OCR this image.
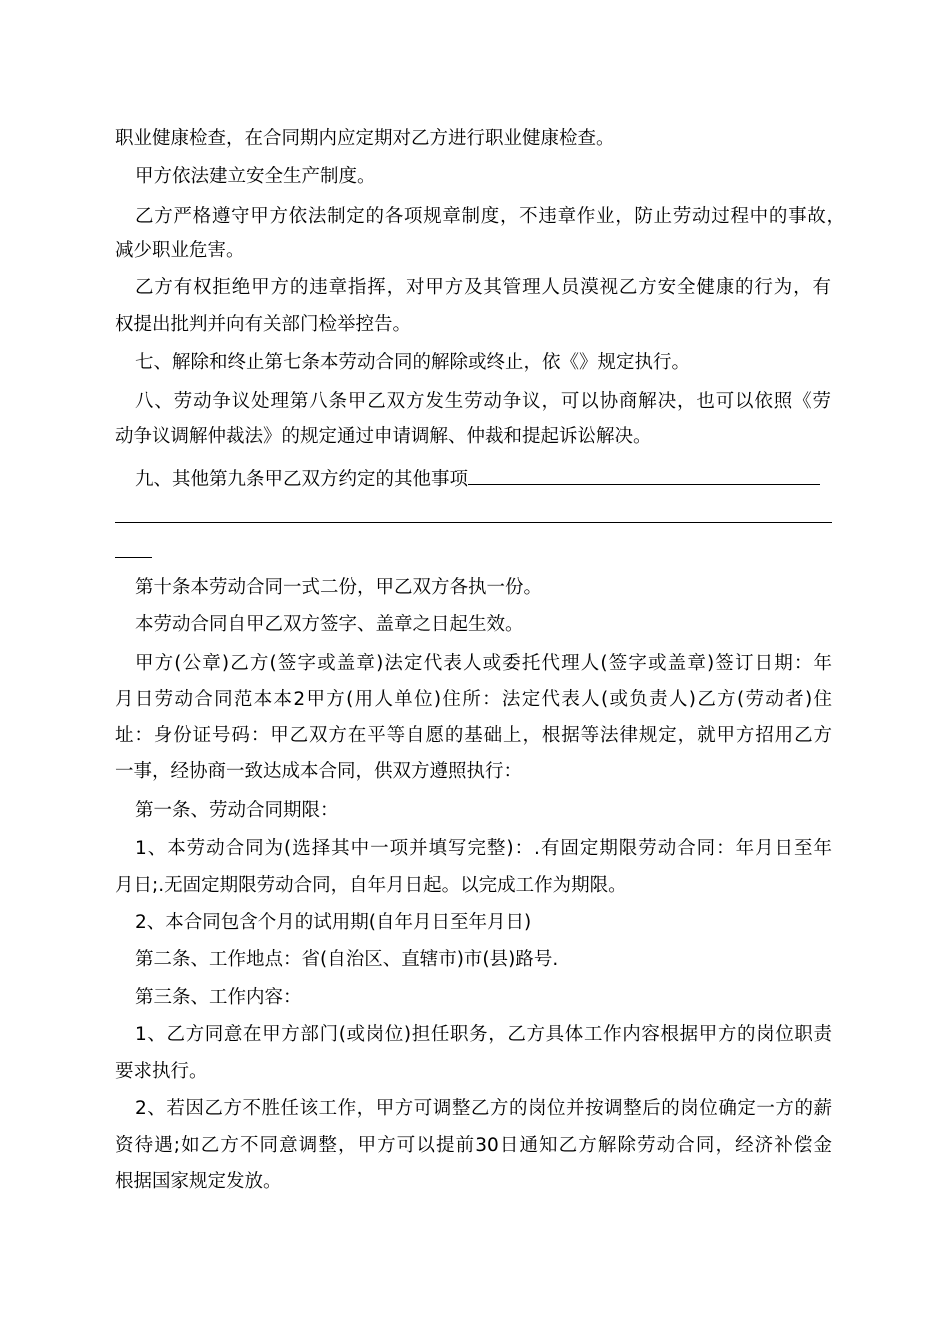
职业健康检查，在合同期内应定期对乙方进行职业健康检查。
甲方依法建立安全生产制度。
乙方严格遵守甲方依法制定的各项规章制度，不违章作业，防止劳动过程中的事故，
减少职业危害。
乙方有权拒绝甲方的违章指挥，对甲方及其管理人员漠视乙方安全健康的行为，有
权提出批判并向有关部门检举控告。
七、解除和终止第七条本劳动合同的解除或终止，依《》规定执行。
八、劳动争议处理第八条甲乙双方发生劳动争议，可以协商解决，也可以依照《劳
动争议调解仲裁法》的规定通过申请调解、仲裁和提起诉讼解决。
九、其他第九条甲乙双方约定的其他事项
第十条本劳动合同一式二份，甲乙双方各执一份。
本劳动合同自甲乙双方签字、盖章之日起生效。
甲方(公章)乙方(签字或盖章)法定代表人或委托代理人(签字或盖章)签订日期：年
月日劳动合同范本本2甲方(用人单位)住所：法定代表人(或负责人)乙方(劳动者)住
址：身份证号码：甲乙双方在平等自愿的基础上，根据等法律规定，就甲方招用乙方
一事，经协商一致达成本合同，供双方遵照执行：
第一条、劳动合同期限：
1、本劳动合同为(选择其中一项并填写完整)：.有固定期限劳动合同：年月日至年
月日;.无固定期限劳动合同，自年月日起。以完成工作为期限。
2、本合同包含个月的试用期(自年月日至年月日)
第二条、工作地点：省(自治区、直辖市)市(县)路号.
第三条、工作内容：
1、乙方同意在甲方部门(或岗位)担任职务，乙方具体工作内容根据甲方的岗位职责
要求执行。
2、若因乙方不胜任该工作，甲方可调整乙方的岗位并按调整后的岗位确定一方的薪
资待遇;如乙方不同意调整，甲方可以提前30日通知乙方解除劳动合同，经济补偿金
根据国家规定发放。
